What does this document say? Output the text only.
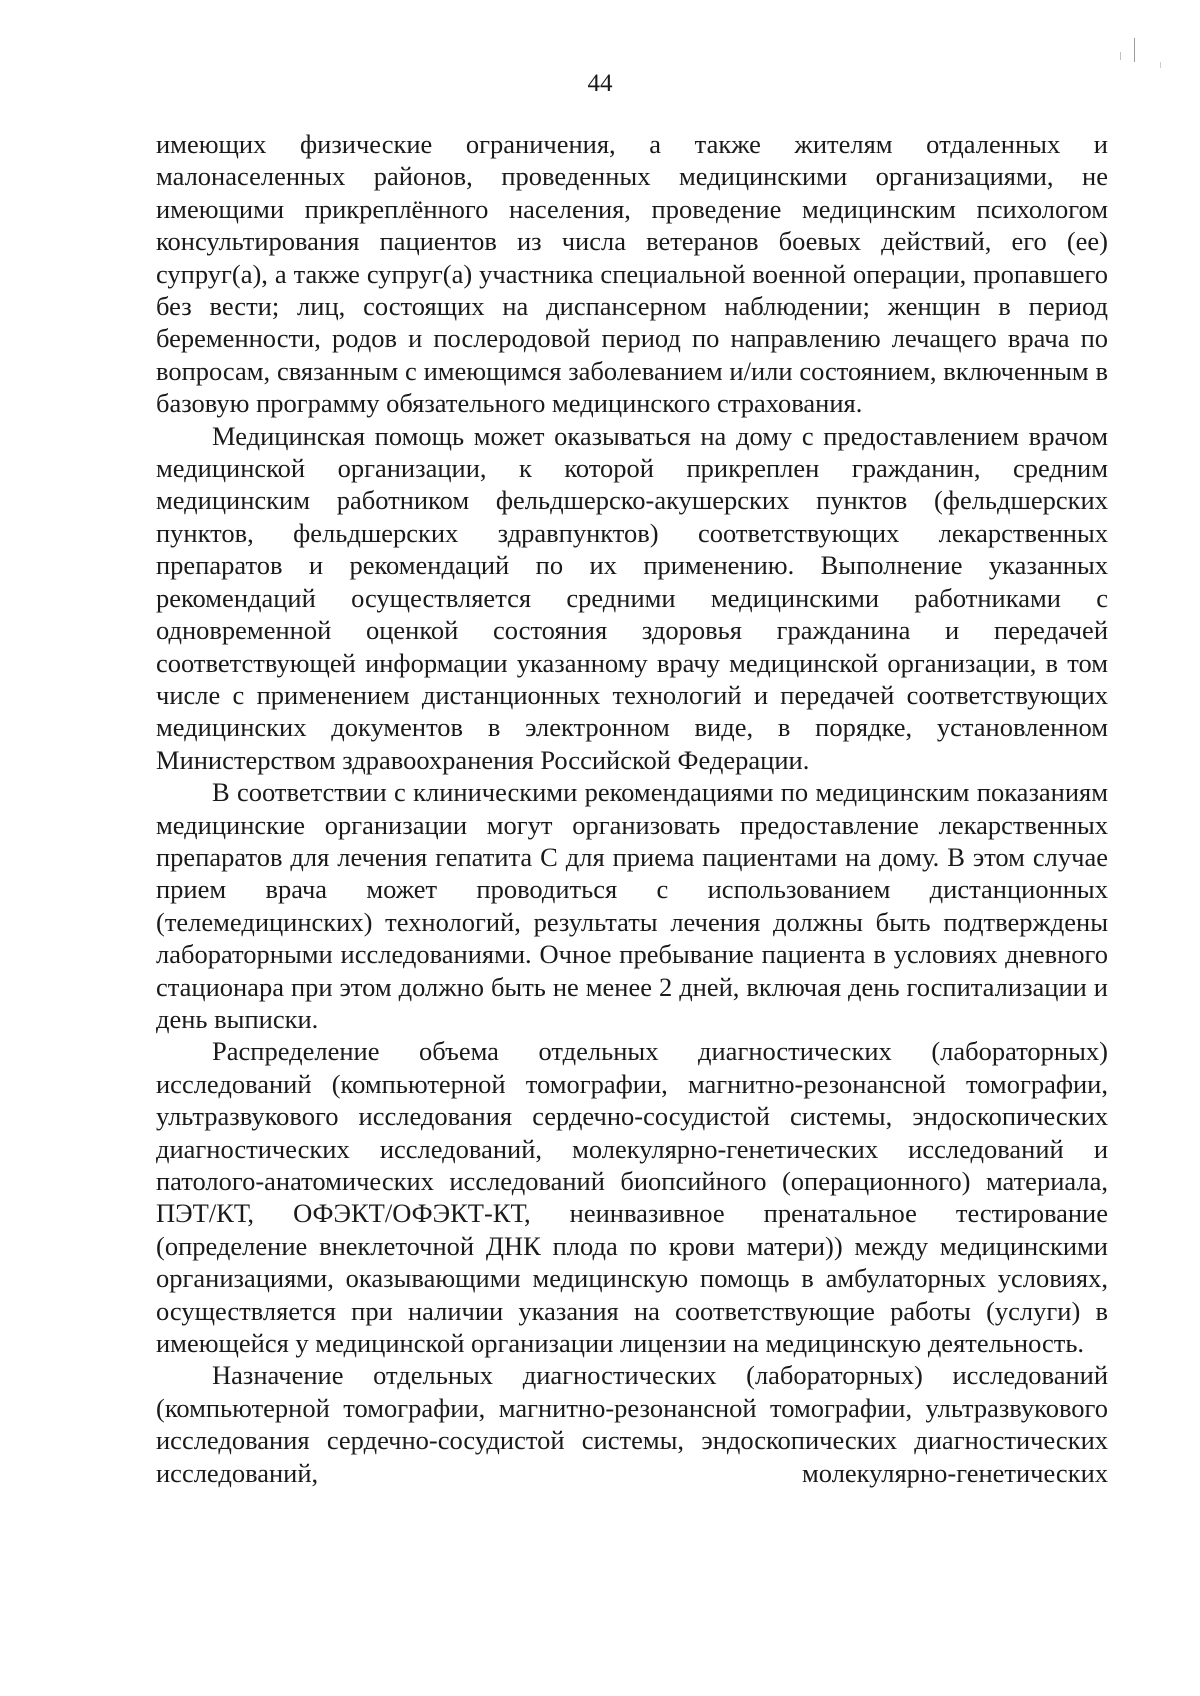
44

имеющих физические ограничения, а также жителям отдаленных и малонаселенных районов, проведенных медицинскими организациями, не имеющими прикреплённого населения, проведение медицинским психологом консультирования пациентов из числа ветеранов боевых действий, его (ее) супруг(а), а также супруг(а) участника специальной военной операции, пропавшего без вести; лиц, состоящих на диспансерном наблюдении; женщин в период беременности, родов и послеродовой период по направлению лечащего врача по вопросам, связанным с имеющимся заболеванием и/или состоянием, включенным в базовую программу обязательного медицинского страхования.

Медицинская помощь может оказываться на дому с предоставлением врачом медицинской организации, к которой прикреплен гражданин, средним медицинским работником фельдшерско-акушерских пунктов (фельдшерских пунктов, фельдшерских здравпунктов) соответствующих лекарственных препаратов и рекомендаций по их применению. Выполнение указанных рекомендаций осуществляется средними медицинскими работниками с одновременной оценкой состояния здоровья гражданина и передачей соответствующей информации указанному врачу медицинской организации, в том числе с применением дистанционных технологий и передачей соответствующих медицинских документов в электронном виде, в порядке, установленном Министерством здравоохранения Российской Федерации.

В соответствии с клиническими рекомендациями по медицинским показаниям медицинские организации могут организовать предоставление лекарственных препаратов для лечения гепатита С для приема пациентами на дому. В этом случае прием врача может проводиться с использованием дистанционных (телемедицинских) технологий, результаты лечения должны быть подтверждены лабораторными исследованиями. Очное пребывание пациента в условиях дневного стационара при этом должно быть не менее 2 дней, включая день госпитализации и день выписки.

Распределение объема отдельных диагностических (лабораторных) исследований (компьютерной томографии, магнитно-резонансной томографии, ультразвукового исследования сердечно-сосудистой системы, эндоскопических диагностических исследований, молекулярно-генетических исследований и патолого-анатомических исследований биопсийного (операционного) материала, ПЭТ/КТ, ОФЭКТ/ОФЭКТ-КТ, неинвазивное пренатальное тестирование (определение внеклеточной ДНК плода по крови матери)) между медицинскими организациями, оказывающими медицинскую помощь в амбулаторных условиях, осуществляется при наличии указания на соответствующие работы (услуги) в имеющейся у медицинской организации лицензии на медицинскую деятельность.

Назначение отдельных диагностических (лабораторных) исследований (компьютерной томографии, магнитно-резонансной томографии, ультразвукового исследования сердечно-сосудистой системы, эндоскопических диагностических исследований, молекулярно-генетических
